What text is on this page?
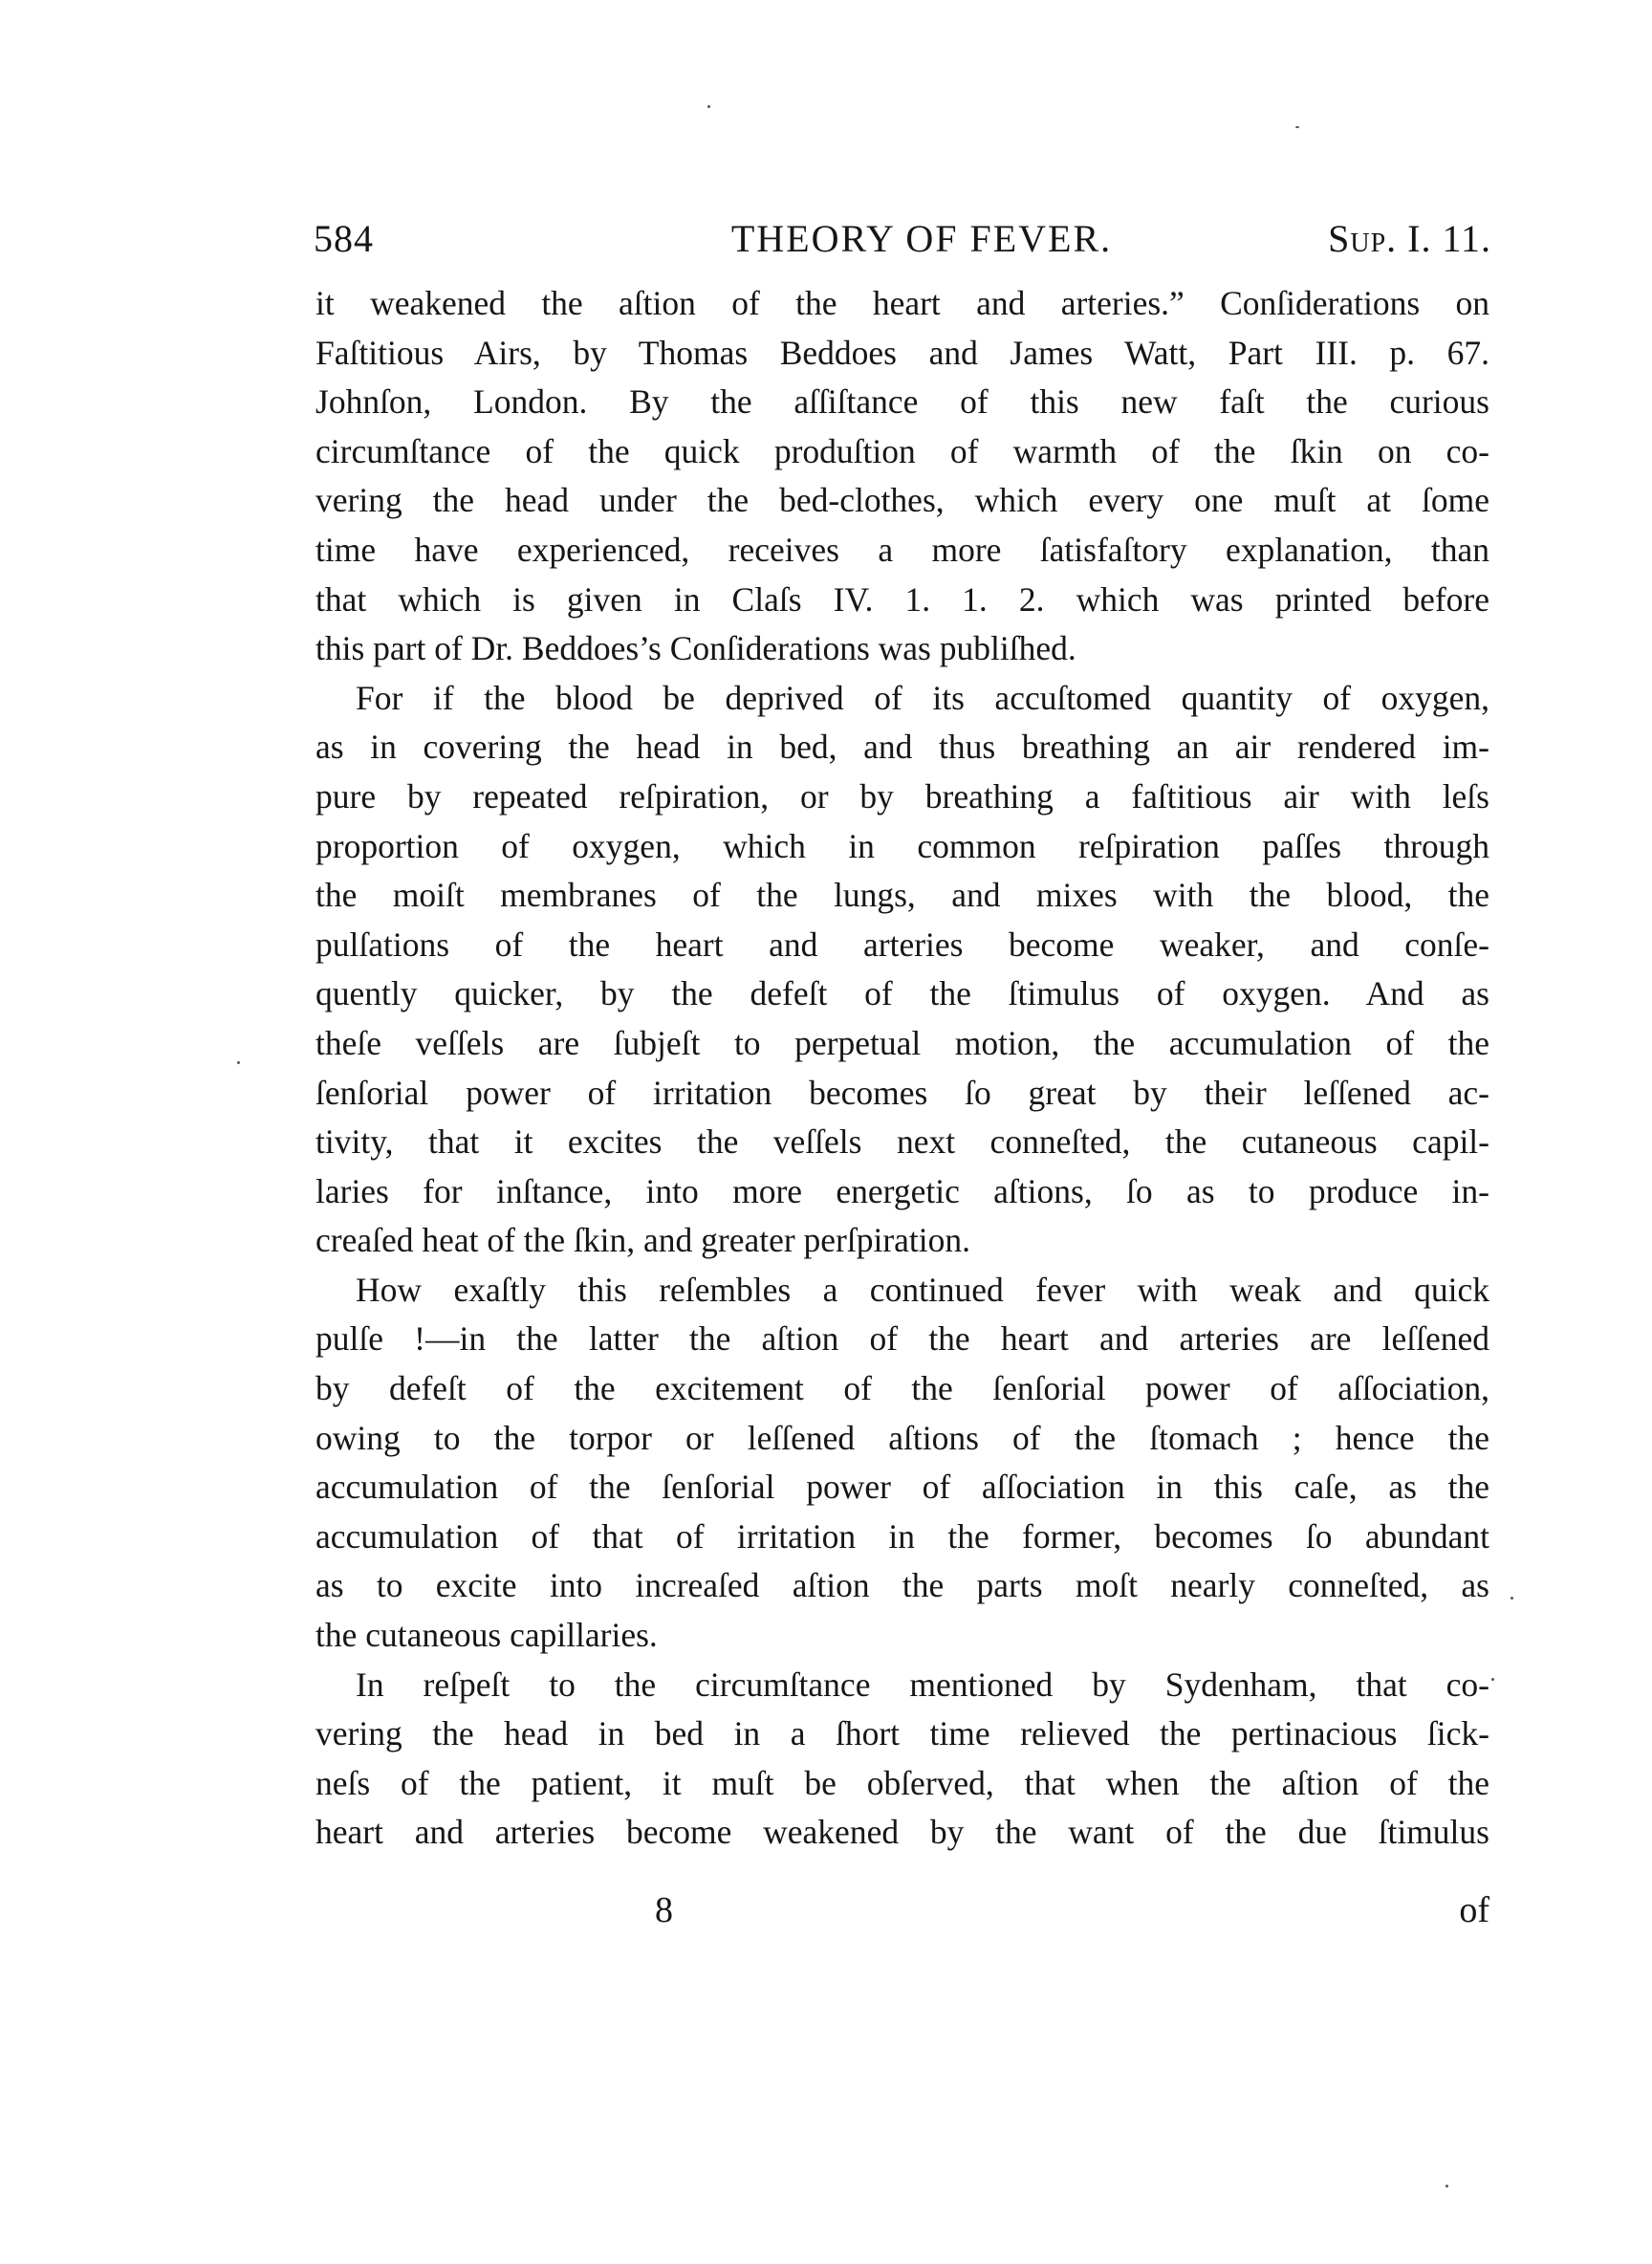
584	THEORY OF FEVER.	Sup. I. 11.
it weakened the aſtion of the heart and arteries.” Conſiderations on
Faſtitious Airs, by Thomas Beddoes and James Watt, Part III. p. 67.
Johnſon, London. By the aſſiſtance of this new faſt the curious
circumſtance of the quick produſtion of warmth of the ſkin on co-
vering the head under the bed-clothes, which every one muſt at ſome
time have experienced, receives a more ſatisfaſtory explanation, than
that which is given in Claſs IV. 1. 1. 2. which was printed before
this part of Dr. Beddoes’s Conſiderations was publiſhed.
For if the blood be deprived of its accuſtomed quantity of oxygen,
as in covering the head in bed, and thus breathing an air rendered im-
pure by repeated reſpiration, or by breathing a faſtitious air with leſs
proportion of oxygen, which in common reſpiration paſſes through
the moiſt membranes of the lungs, and mixes with the blood, the
pulſations of the heart and arteries become weaker, and conſe-
quently quicker, by the defeſt of the ſtimulus of oxygen. And as
theſe veſſels are ſubjeſt to perpetual motion, the accumulation of the
ſenſorial power of irritation becomes ſo great by their leſſened ac-
tivity, that it excites the veſſels next conneſted, the cutaneous capil-
laries for inſtance, into more energetic aſtions, ſo as to produce in-
creaſed heat of the ſkin, and greater perſpiration.
How exaſtly this reſembles a continued fever with weak and quick
pulſe !—in the latter the aſtion of the heart and arteries are leſſened
by defeſt of the excitement of the ſenſorial power of aſſociation,
owing to the torpor or leſſened aſtions of the ſtomach ; hence the
accumulation of the ſenſorial power of aſſociation in this caſe, as the
accumulation of that of irritation in the former, becomes ſo abundant
as to excite into increaſed aſtion the parts moſt nearly conneſted, as
the cutaneous capillaries.
In reſpeſt to the circumſtance mentioned by Sydenham, that co-
vering the head in bed in a ſhort time relieved the pertinacious ſick-
neſs of the patient, it muſt be obſerved, that when the aſtion of the
heart and arteries become weakened by the want of the due ſtimulus
8	of
